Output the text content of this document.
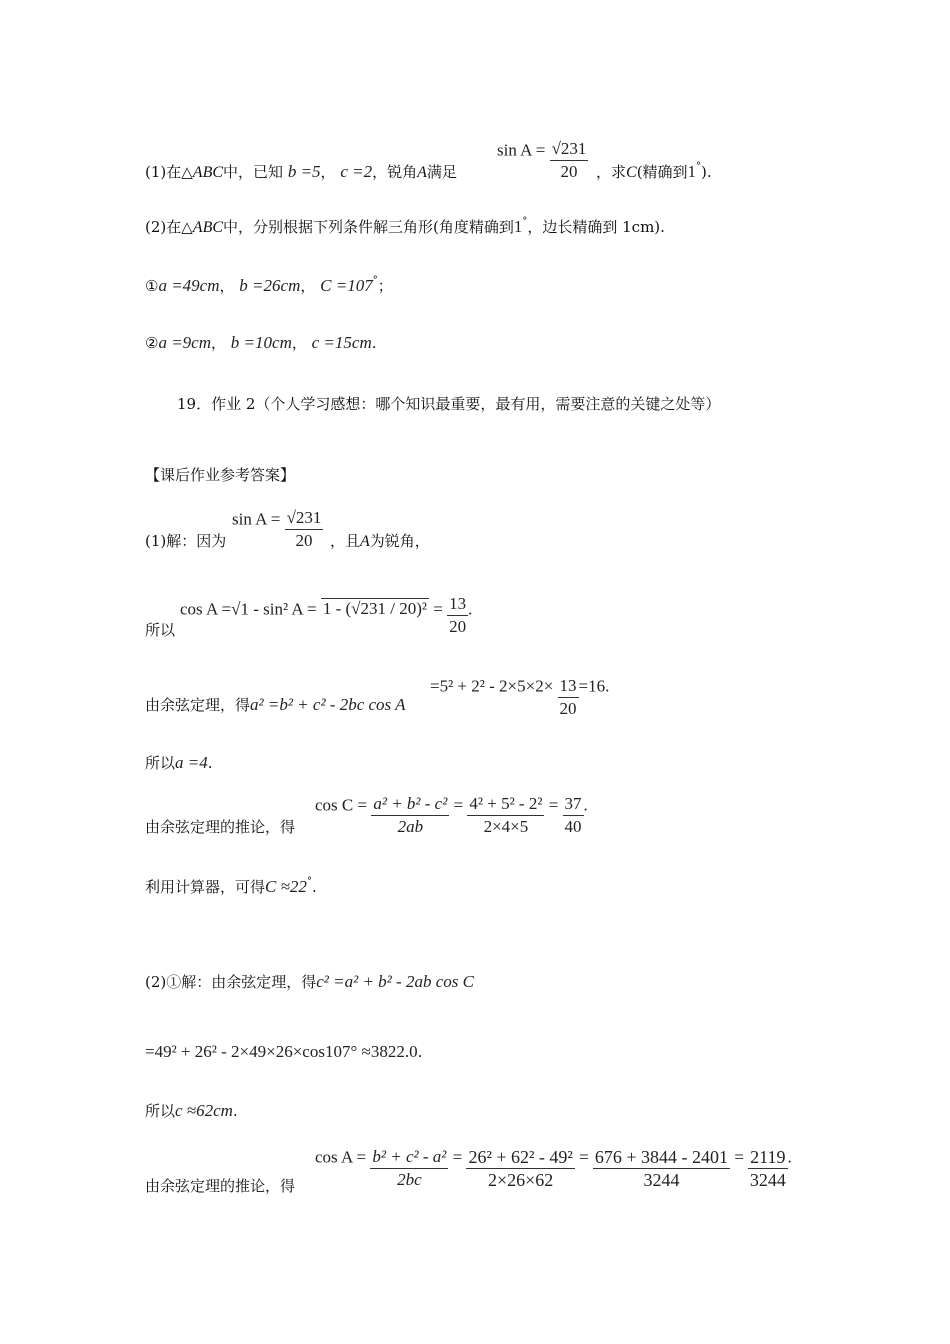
(1)在△ABC中，已知 b =5， c =2，锐角A满足
$\sin A = \frac{√231}{20}$ ，求C(精确到1°).
(2)在△ABC中，分别根据下列条件解三角形(角度精确到1°，边长精确到 1cm).
①a =49cm， b =26cm， C =107°；
②a =9cm， b =10cm， c =15cm.
19．作业 2（个人学习感想：哪个知识最重要，最有用，需要注意的关键之处等）
【课后作业参考答案】
(1)解：因为
$\sin A = \frac{√231}{20}$ ，且A为锐角，
所以
cos A =√1 - sin² $A = 1 - (√231 / 20)^2 = \frac{13}{20}$ .
由余弦定理，得a² =b² + c² - 2bc cos A
$=5^2 + 2^2 - 2\times 5\times 2\times \frac{13}{20} =16$.
所以a =4.
由余弦定理的推论，得
$\cos C = \frac{\text{a² + b² - c²}}{2ab} = \frac{\text{4² + 5² - 2²}}{2\times 4\times 5} = \frac{37}{40}$ .
利用计算器，可得C ≈22°.
(2)①解：由余弦定理，得c² =a² + b² - 2ab cos C
=49² + 26² - 2×49×26×cos107° ≈3822.0.
所以c ≈62cm.
由余弦定理的推论，得
$\cos A = \frac{\text{b² + c² - a²}}{2bc} = \frac{\text{26² + 62² - 49²}}{2\times 26\times 62} = \frac{676 + 3844 - 2401}{3244} = \frac{2119}{3244}$ .
